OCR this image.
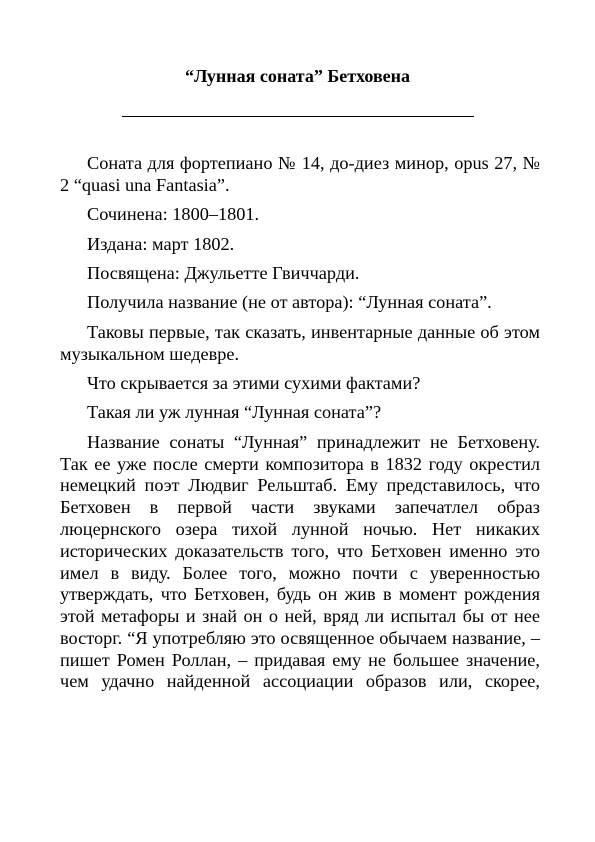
“Лунная соната” Бетховена

Соната для фортепиано № 14, до-диез минор, opus 27, № 2 “quasi una Fantasia”.

Сочинена: 1800–1801.

Издана: март 1802.

Посвящена: Джульетте Гвиччарди.

Получила название (не от автора): “Лунная соната”.

Таковы первые, так сказать, инвентарные данные об этом музыкальном шедевре.

Что скрывается за этими сухими фактами?

Такая ли уж лунная “Лунная соната”?

Название сонаты “Лунная” принадлежит не Бетховену. Так ее уже после смерти композитора в 1832 году окрестил немецкий поэт Людвиг Рельштаб. Ему представилось, что Бетховен в первой части звуками запечатлел образ люцернского озера тихой лунной ночью. Нет никаких исторических доказательств того, что Бетховен именно это имел в виду. Более того, можно почти с уверенностью утверждать, что Бетховен, будь он жив в момент рождения этой метафоры и знай он о ней, вряд ли испытал бы от нее восторг. “Я употребляю это освященное обычаем название, – пишет Ромен Роллан, – придавая ему не большее значение, чем удачно найденной ассоциации образов или, скорее,
